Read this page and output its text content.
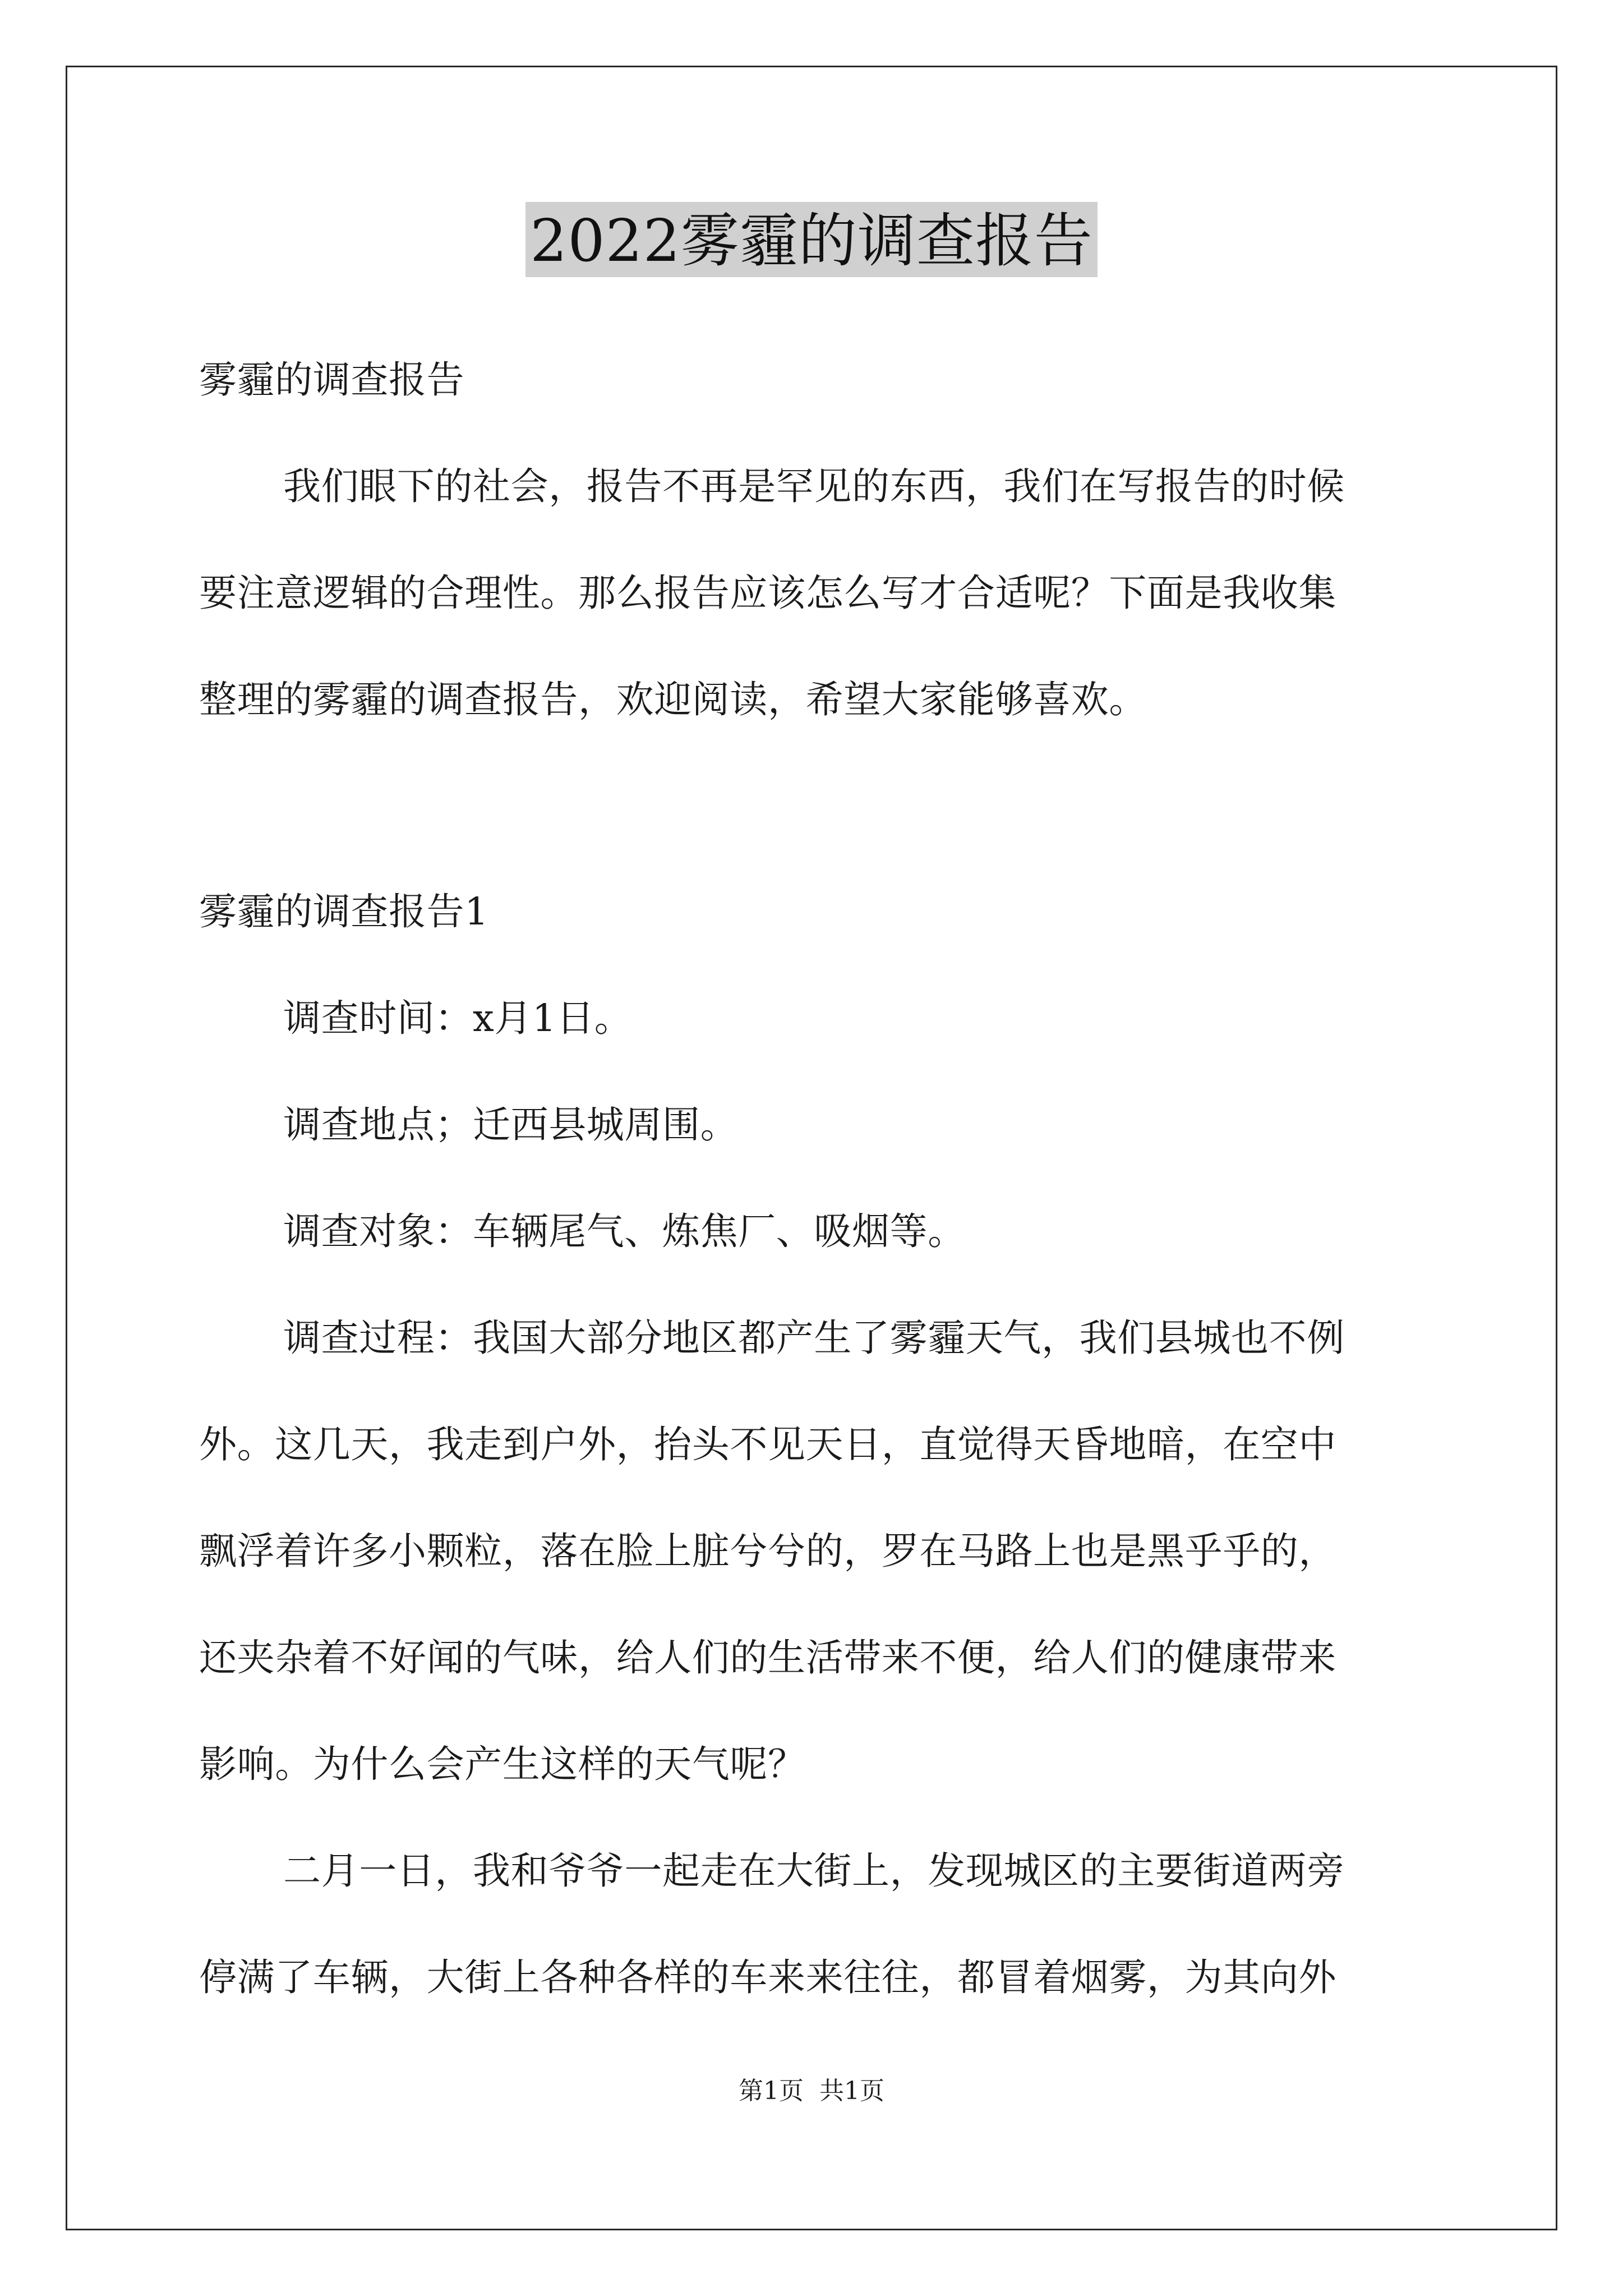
2022雾霾的调查报告
雾霾的调查报告
我们眼下的社会，报告不再是罕见的东西，我们在写报告的时候
要注意逻辑的合理性。那么报告应该怎么写才合适呢？下面是我收集
整理的雾霾的调查报告，欢迎阅读，希望大家能够喜欢。
雾霾的调查报告1
调查时间：x月1日。
调查地点；迁西县城周围。
调查对象：车辆尾气、炼焦厂、吸烟等。
调查过程：我国大部分地区都产生了雾霾天气，我们县城也不例
外。这几天，我走到户外，抬头不见天日，直觉得天昏地暗，在空中
飘浮着许多小颗粒，落在脸上脏兮兮的，罗在马路上也是黑乎乎的，
还夹杂着不好闻的气味，给人们的生活带来不便，给人们的健康带来
影响。为什么会产生这样的天气呢？
二月一日，我和爷爷一起走在大街上，发现城区的主要街道两旁
停满了车辆，大街上各种各样的车来来往往，都冒着烟雾，为其向外
第1页 共1页
